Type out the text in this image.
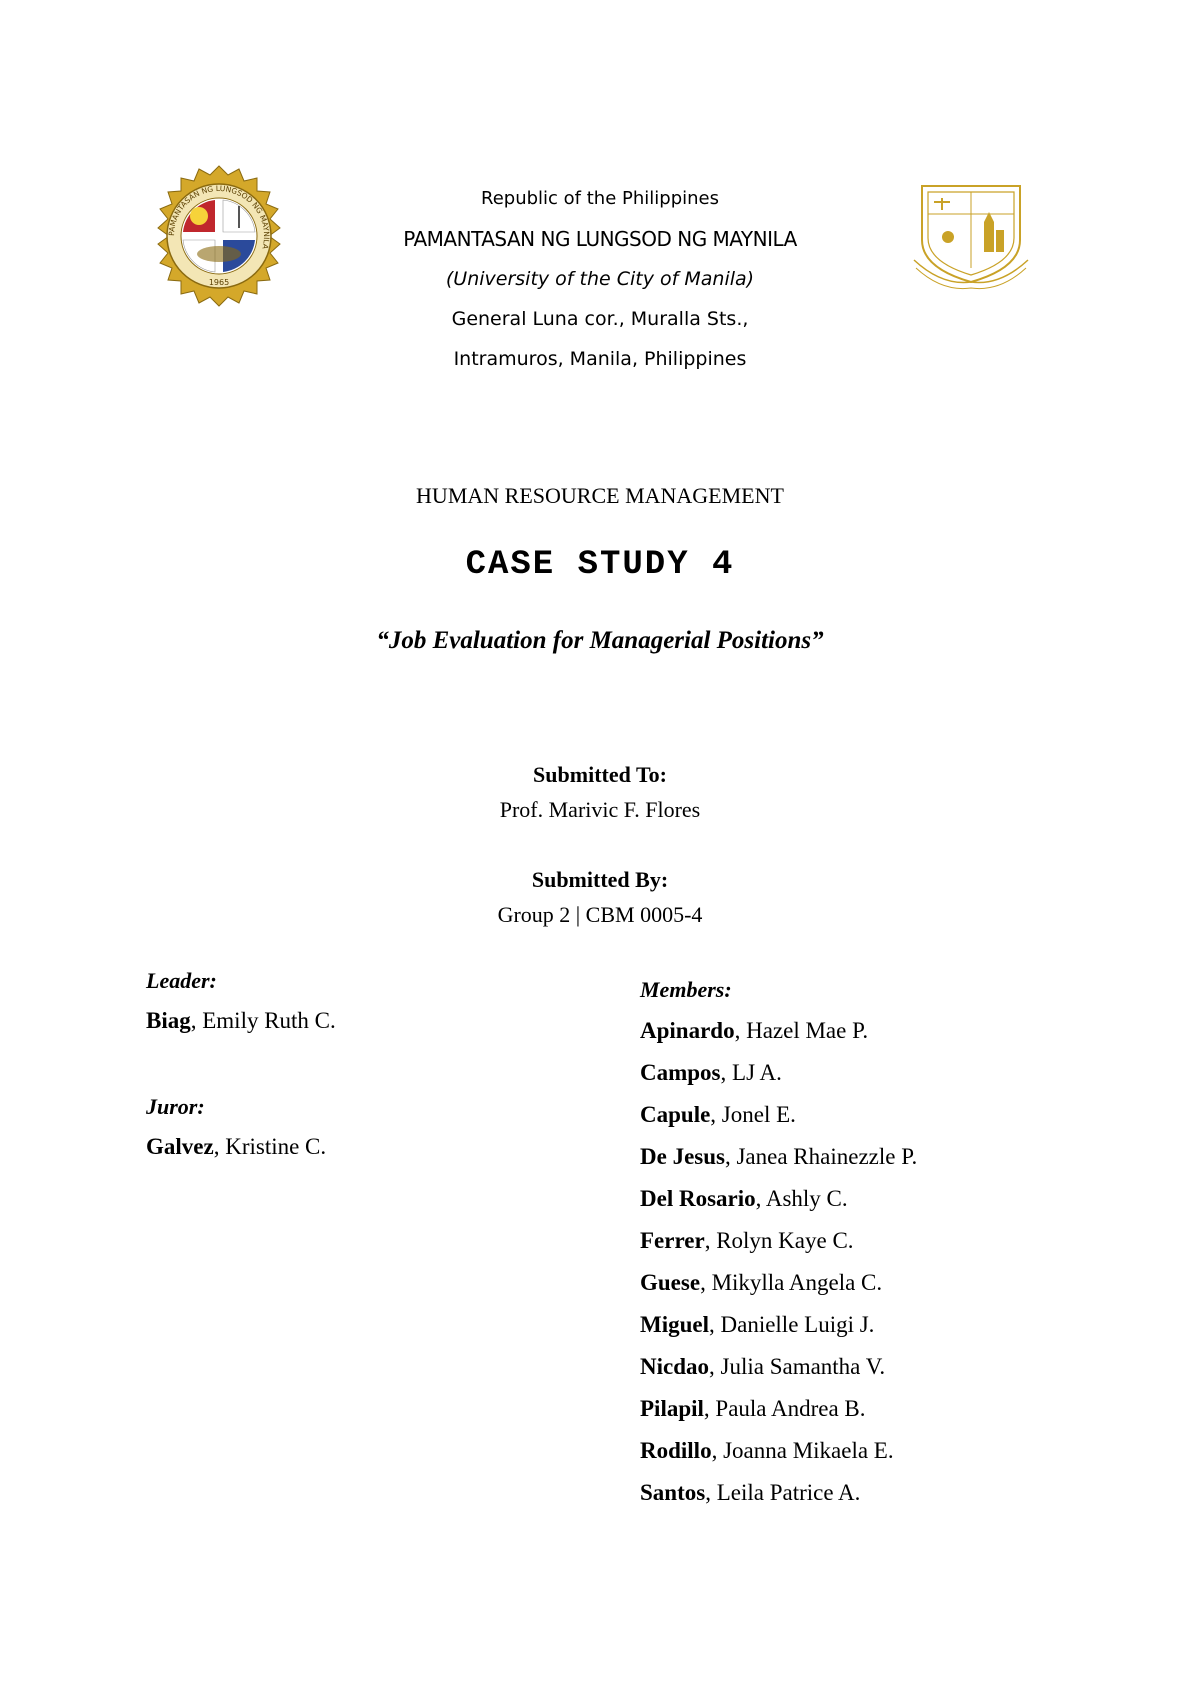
PAMANTASAN NG LUNGSOD NG MAYNILA
1965
Republic of the Philippines
PAMANTASAN NG LUNGSOD NG MAYNILA
(University of the City of Manila)
General Luna cor., Muralla Sts.,
Intramuros, Manila, Philippines
HUMAN RESOURCE MANAGEMENT
CASE STUDY 4
“Job Evaluation for Managerial Positions”
Submitted To:
Prof. Marivic F. Flores
Submitted By:
Group 2 | CBM 0005-4
Leader:
Biag, Emily Ruth C.
Juror:
Galvez, Kristine C.
Members:
Apinardo, Hazel Mae P.
Campos, LJ A.
Capule, Jonel E.
De Jesus, Janea Rhainezzle P.
Del Rosario, Ashly C.
Ferrer, Rolyn Kaye C.
Guese, Mikylla Angela C.
Miguel, Danielle Luigi J.
Nicdao, Julia Samantha V.
Pilapil, Paula Andrea B.
Rodillo, Joanna Mikaela E.
Santos, Leila Patrice A.
